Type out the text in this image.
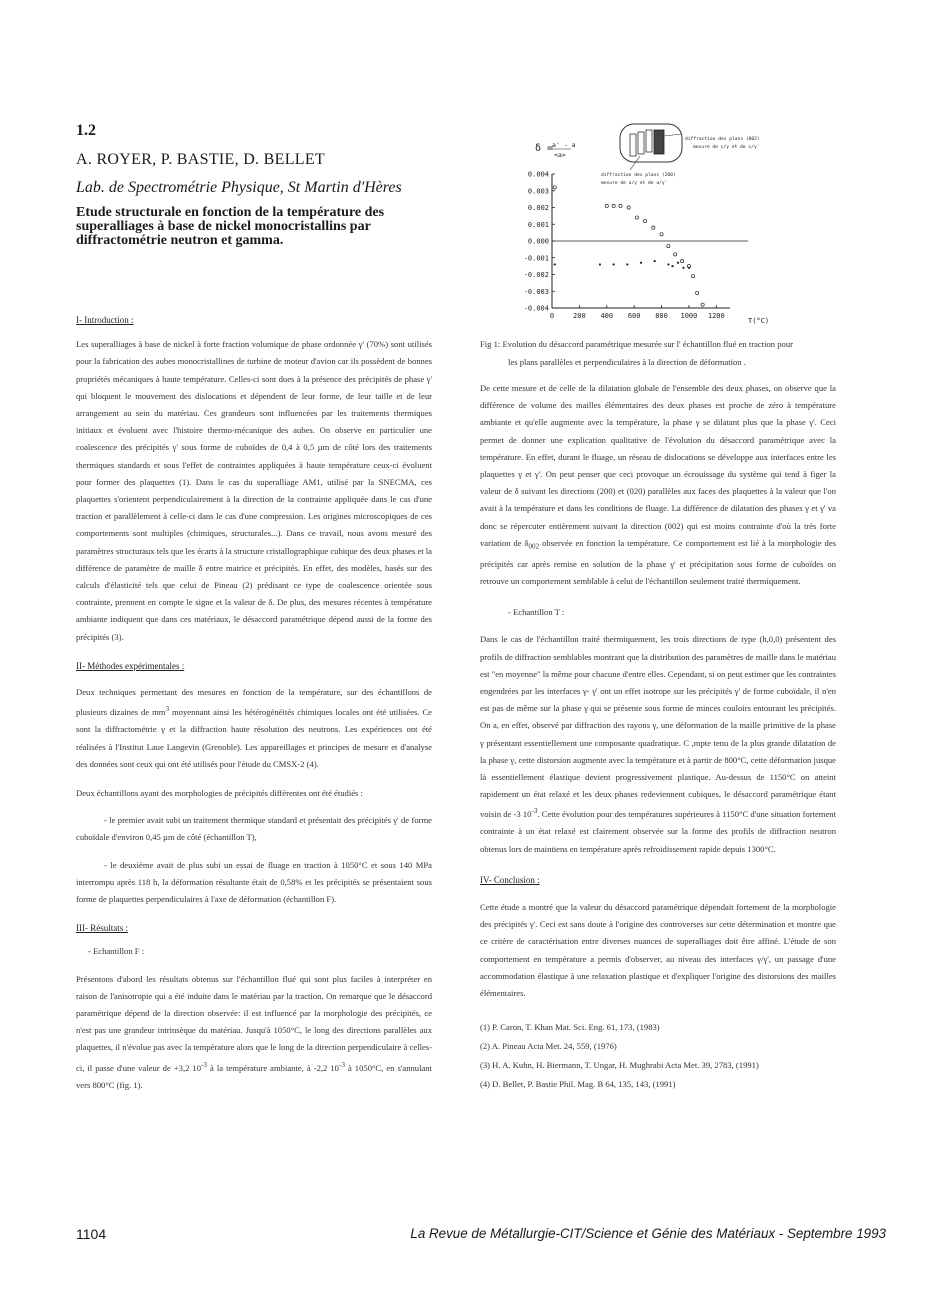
1.2
A. ROYER, P. BASTIE, D. BELLET
Lab. de Spectrométrie Physique, St Martin d'Hères
Etude structurale en fonction de la température des superalliages à base de nickel monocristallins par diffractométrie neutron et gamma.

I- Introduction :

Les superalliages à base de nickel à forte fraction volumique de phase ordonnée γ' (70%) sont utilisés pour la fabrication des aubes monocristallines de turbine de moteur d'avion car ils possèdent de bonnes propriétés mécaniques à haute température. Celles-ci sont dues à la présence des précipités de phase γ' qui bloquent le mouvement des dislocations et dépendent de leur forme, de leur taille et de leur arrangement au sein du matériau. Ces grandeurs sont influencées par les traitements thermiques initiaux et évoluent avec l'histoire thermo-mécanique des aubes. On observe en particulier une coalescence des précipités γ' sous forme de cuboïdes de 0,4 à 0,5 µm de côté lors des traitements thermiques standards et sous l'effet de contraintes appliquées à haute température ceux-ci évoluent pour former des plaquettes (1). Dans le cas du superalliage AM1, utilisé par la SNECMA, ces plaquettes s'orientent perpendiculairement à la direction de la contrainte appliquée dans le cas d'une traction et parallèlement à celle-ci dans le cas d'une compression. Les origines microscopiques de ces comportements sont multiples (chimiques, structurales...). Dans ce travail, nous avons mesuré des paramètres structuraux tels que les écarts à la structure cristallographique cubique des deux phases et la différence de paramètre de maille δ entre matrice et précipités. En effet, des modèles, basés sur des calculs d'élasticité tels que celui de Pineau (2) prédisant ce type de coalescence orientée sous contrainte, prennent en compte le signe et la valeur de δ. De plus, des mesures récentes à température ambiante indiquent que dans ces matériaux, le désaccord paramétrique dépend aussi de la forme des précipités (3).

II- Méthodes expérimentales :

Deux techniques permettant des mesures en fonction de la température, sur des échantillons de plusieurs dizaines de $mm^3$ moyennant ainsi les hétérogénéités chimiques locales ont été utilisées. Ce sont la diffractométrie γ et la diffraction haute résolution des neutrons. Les expériences ont été réalisées à l'Institut Laue Langevin (Grenoble). Les appareillages et principes de mesure et d'analyse des données sont ceux qui ont été utilisés pour l'étude du CMSX-2 (4).

Deux échantillons ayant des morphologies de précipités différentes ont été étudiés :

- le premier avait subi un traitement thermique standard et présentait des précipités γ' de forme cuboïdale d'environ 0,45 µm de côté (échantillon T),

- le deuxième avait de plus subi un essai de fluage en traction à 1050°C et sous 140 MPa interrompu après 118 h, la déformation résultante était de 0,58% et les précipités se présentaient sous forme de plaquettes perpendiculaires à l'axe de déformation (échantillon F).

III- Résultats :

- Echantillon F :

Présentons d'abord les résultats obtenus sur l'échantillon flué qui sont plus faciles à interpréter en raison de l'anisotropie qui a été induite dans le matériau par la traction. On remarque que le désaccord paramétrique dépend de la direction observée: il est influencé par la morphologie des précipités, ce n'est pas une grandeur intrinsèque du matériau. Jusqu'à 1050°C, le long des directions parallèles aux plaquettes, il n'évolue pas avec la température alors que le long de la direction perpendiculaire à celles-ci, il passe d'une valeur de +3,2 $10^{-3}$ à la température ambiante, à -2,2 $10^{-3}$ à 1050°C, en s'annulant vers 800°C (fig. 1).

δ =
a' - a
<a>
diffraction des plans (002)
mesure de c/γ et de c/γ'
diffraction des plans (200)
mesure de a/γ et de a/γ'
0.004
0.003
0.002
0.001
0.000
-0.001
-0.002
-0.003
-0.004
0	200 400 600 800 1000 1200
T(°C)

Fig 1: Evolution du désaccord paramétrique mesurée sur l' échantillon flué en traction pour

les plans parallèles et perpendiculaires à la direction de déformation .

De cette mesure et de celle de la dilatation globale de l'ensemble des deux phases, on observe que la différence de volume des mailles élémentaires des deux phases est proche de zéro à température ambiante et qu'elle augmente avec la température, la phase γ se dilatant plus que la phase γ'. Ceci permet de donner une explication qualitative de l'évolution du désaccord paramétrique avec la température. En effet, durant le fluage, un réseau de dislocations se développe aux interfaces entre les plaquettes γ et γ'. On peut penser que ceci provoque un écrouissage du système qui tend à figer la valeur de δ suivant les directions (200) et (020) parallèles aux faces des plaquettes à la valeur que l'on avait à la température et dans les conditions de fluage. La différence de dilatation des phases γ et γ' va donc se répercuter entièrement suivant la direction (002) qui est moins contrainte d'où la très forte variation de $\delta_{002}$ observée en fonction la température. Ce comportement est lié à la morphologie des précipités car après remise en solution de la phase γ' et précipitation sous forme de cuboïdes on retrouve un comportement semblable à celui de l'échantillon seulement traité thermiquement.

- Echantillon T :

Dans le cas de l'échantillon traité thermiquement, les trois directions de type (h,0,0) présentent des profils de diffraction semblables montrant que la distribution des paramètres de maille dans le matériau est "en moyenne" la même pour chacune d'entre elles. Cependant, si on peut estimer que les contraintes engendrées par les interfaces γ- γ' ont un effet isotrope sur les précipités γ' de forme cuboïdale, il n'en est pas de même sur la phase γ qui se présente sous forme de minces couloirs entourant les précipités. On a, en effet, observé par diffraction des rayons γ, une déformation de la maille primitive de la phase γ présentant essentiellement une composante quadratique. C ,mpte tenu de la plus grande dilatation de la phase γ, cette distorsion augmente avec la température et à partir de 800°C, cette déformation jusque là essentiellement élastique devient progressivement plastique. Au-dessus de 1150°C on atteint rapidement un état relaxé et les deux phases redeviennent cubiques, le désaccord paramétrique étant voisin de -3 $10^{-3}$. Cette évolution pour des températures supérieures à 1150°C d'une situation fortement contrainte à un état relaxé est clairement observée sur la forme des profils de diffraction neutron obtenus lors de maintiens en température après refroidissement rapide depuis 1300°C.

IV- Conclusion :

Cette étude a montré que la valeur du désaccord paramétrique dépendait fortement de la morphologie des précipités γ'. Ceci est sans doute à l'origine des controverses sur cette détermination et montre que ce critère de caractérisation entre diverses nuances de superalliages doit être affiné. L'étude de son comportement en température a permis d'observer, au niveau des interfaces γ/γ', un passage d'une accommodation élastique à une relaxation plastique et d'expliquer l'origine des distorsions des mailles élémentaires.

(1) P. Caron, T. Khan Mat. Sci. Eng. 61, 173, (1983)

(2) A. Pineau Acta Met. 24, 559, (1976)

(3) H. A. Kuhn, H. Biermann, T. Ungar, H. Mughrabi Acta Met. 39, 2783, (1991)

(4) D. Bellet, P. Bastie Phil. Mag. B 64, 135, 143, (1991)

1104	La Revue de Métallurgie-CIT/Science et Génie des Matériaux - Septembre 1993
